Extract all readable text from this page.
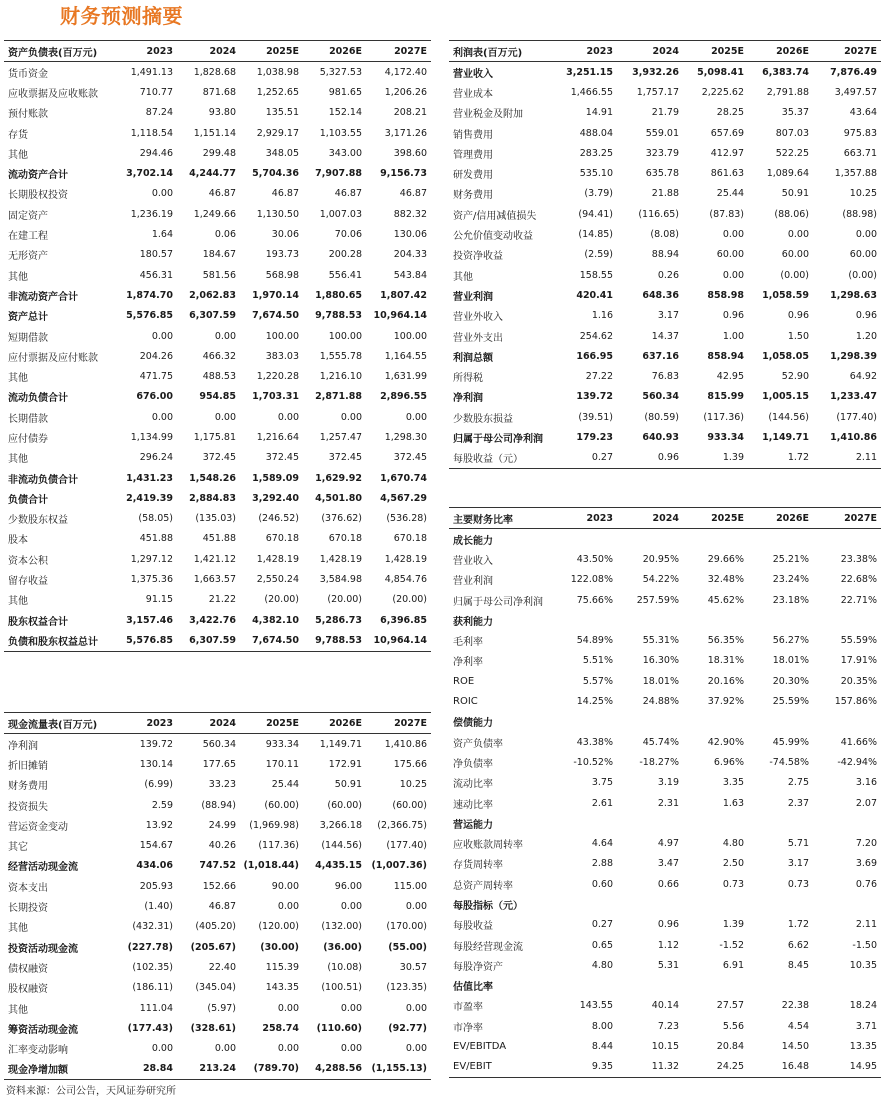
财务预测摘要
资产负债表(百万元)	2023	2024	2025E	2026E	2027E
货币资金	1,491.13	1,828.68	1,038.98	5,327.53	4,172.40
应收票据及应收账款	710.77	871.68	1,252.65	981.65	1,206.26
预付账款	87.24	93.80	135.51	152.14	208.21
存货	1,118.54	1,151.14	2,929.17	1,103.55	3,171.26
其他	294.46	299.48	348.05	343.00	398.60
流动资产合计	3,702.14	4,244.77	5,704.36	7,907.88	9,156.73
长期股权投资	0.00	46.87	46.87	46.87	46.87
固定资产	1,236.19	1,249.66	1,130.50	1,007.03	882.32
在建工程	1.64	0.06	30.06	70.06	130.06
无形资产	180.57	184.67	193.73	200.28	204.33
其他	456.31	581.56	568.98	556.41	543.84
非流动资产合计	1,874.70	2,062.83	1,970.14	1,880.65	1,807.42
资产总计	5,576.85	6,307.59	7,674.50	9,788.53	10,964.14
短期借款	0.00	0.00	100.00	100.00	100.00
应付票据及应付账款	204.26	466.32	383.03	1,555.78	1,164.55
其他	471.75	488.53	1,220.28	1,216.10	1,631.99
流动负债合计	676.00	954.85	1,703.31	2,871.88	2,896.55
长期借款	0.00	0.00	0.00	0.00	0.00
应付债券	1,134.99	1,175.81	1,216.64	1,257.47	1,298.30
其他	296.24	372.45	372.45	372.45	372.45
非流动负债合计	1,431.23	1,548.26	1,589.09	1,629.92	1,670.74
负债合计	2,419.39	2,884.83	3,292.40	4,501.80	4,567.29
少数股东权益	(58.05)	(135.03)	(246.52)	(376.62)	(536.28)
股本	451.88	451.88	670.18	670.18	670.18
资本公积	1,297.12	1,421.12	1,428.19	1,428.19	1,428.19
留存收益	1,375.36	1,663.57	2,550.24	3,584.98	4,854.76
其他	91.15	21.22	(20.00)	(20.00)	(20.00)
股东权益合计	3,157.46	3,422.76	4,382.10	5,286.73	6,396.85
负债和股东权益总计	5,576.85	6,307.59	7,674.50	9,788.53	10,964.14
利润表(百万元)	2023	2024	2025E	2026E	2027E
营业收入	3,251.15	3,932.26	5,098.41	6,383.74	7,876.49
营业成本	1,466.55	1,757.17	2,225.62	2,791.88	3,497.57
营业税金及附加	14.91	21.79	28.25	35.37	43.64
销售费用	488.04	559.01	657.69	807.03	975.83
管理费用	283.25	323.79	412.97	522.25	663.71
研发费用	535.10	635.78	861.63	1,089.64	1,357.88
财务费用	(3.79)	21.88	25.44	50.91	10.25
资产/信用减值损失	(94.41)	(116.65)	(87.83)	(88.06)	(88.98)
公允价值变动收益	(14.85)	(8.08)	0.00	0.00	0.00
投资净收益	(2.59)	88.94	60.00	60.00	60.00
其他	158.55	0.26	0.00	(0.00)	(0.00)
营业利润	420.41	648.36	858.98	1,058.59	1,298.63
营业外收入	1.16	3.17	0.96	0.96	0.96
营业外支出	254.62	14.37	1.00	1.50	1.20
利润总额	166.95	637.16	858.94	1,058.05	1,298.39
所得税	27.22	76.83	42.95	52.90	64.92
净利润	139.72	560.34	815.99	1,005.15	1,233.47
少数股东损益	(39.51)	(80.59)	(117.36)	(144.56)	(177.40)
归属于母公司净利润	179.23	640.93	933.34	1,149.71	1,410.86
每股收益（元）	0.27	0.96	1.39	1.72	2.11
主要财务比率	2023	2024	2025E	2026E	2027E
成长能力					
营业收入	43.50%	20.95%	29.66%	25.21%	23.38%
营业利润	122.08%	54.22%	32.48%	23.24%	22.68%
归属于母公司净利润	75.66%	257.59%	45.62%	23.18%	22.71%
获利能力					
毛利率	54.89%	55.31%	56.35%	56.27%	55.59%
净利率	5.51%	16.30%	18.31%	18.01%	17.91%
ROE	5.57%	18.01%	20.16%	20.30%	20.35%
ROIC	14.25%	24.88%	37.92%	25.59%	157.86%
偿债能力					
资产负债率	43.38%	45.74%	42.90%	45.99%	41.66%
净负债率	-10.52%	-18.27%	6.96%	-74.58%	-42.94%
流动比率	3.75	3.19	3.35	2.75	3.16
速动比率	2.61	2.31	1.63	2.37	2.07
营运能力					
应收账款周转率	4.64	4.97	4.80	5.71	7.20
存货周转率	2.88	3.47	2.50	3.17	3.69
总资产周转率	0.60	0.66	0.73	0.73	0.76
每股指标（元）					
每股收益	0.27	0.96	1.39	1.72	2.11
每股经营现金流	0.65	1.12	-1.52	6.62	-1.50
每股净资产	4.80	5.31	6.91	8.45	10.35
估值比率					
市盈率	143.55	40.14	27.57	22.38	18.24
市净率	8.00	7.23	5.56	4.54	3.71
EV/EBITDA	8.44	10.15	20.84	14.50	13.35
EV/EBIT	9.35	11.32	24.25	16.48	14.95
现金流量表(百万元)	2023	2024	2025E	2026E	2027E
净利润	139.72	560.34	933.34	1,149.71	1,410.86
折旧摊销	130.14	177.65	170.11	172.91	175.66
财务费用	(6.99)	33.23	25.44	50.91	10.25
投资损失	2.59	(88.94)	(60.00)	(60.00)	(60.00)
营运资金变动	13.92	24.99	(1,969.98)	3,266.18	(2,366.75)
其它	154.67	40.26	(117.36)	(144.56)	(177.40)
经营活动现金流	434.06	747.52	(1,018.44)	4,435.15	(1,007.36)
资本支出	205.93	152.66	90.00	96.00	115.00
长期投资	(1.40)	46.87	0.00	0.00	0.00
其他	(432.31)	(405.20)	(120.00)	(132.00)	(170.00)
投资活动现金流	(227.78)	(205.67)	(30.00)	(36.00)	(55.00)
债权融资	(102.35)	22.40	115.39	(10.08)	30.57
股权融资	(186.11)	(345.04)	143.35	(100.51)	(123.35)
其他	111.04	(5.97)	0.00	0.00	0.00
筹资活动现金流	(177.43)	(328.61)	258.74	(110.60)	(92.77)
汇率变动影响	0.00	0.00	0.00	0.00	0.00
现金净增加额	28.84	213.24	(789.70)	4,288.56	(1,155.13)
资料来源：公司公告，天风证券研究所
